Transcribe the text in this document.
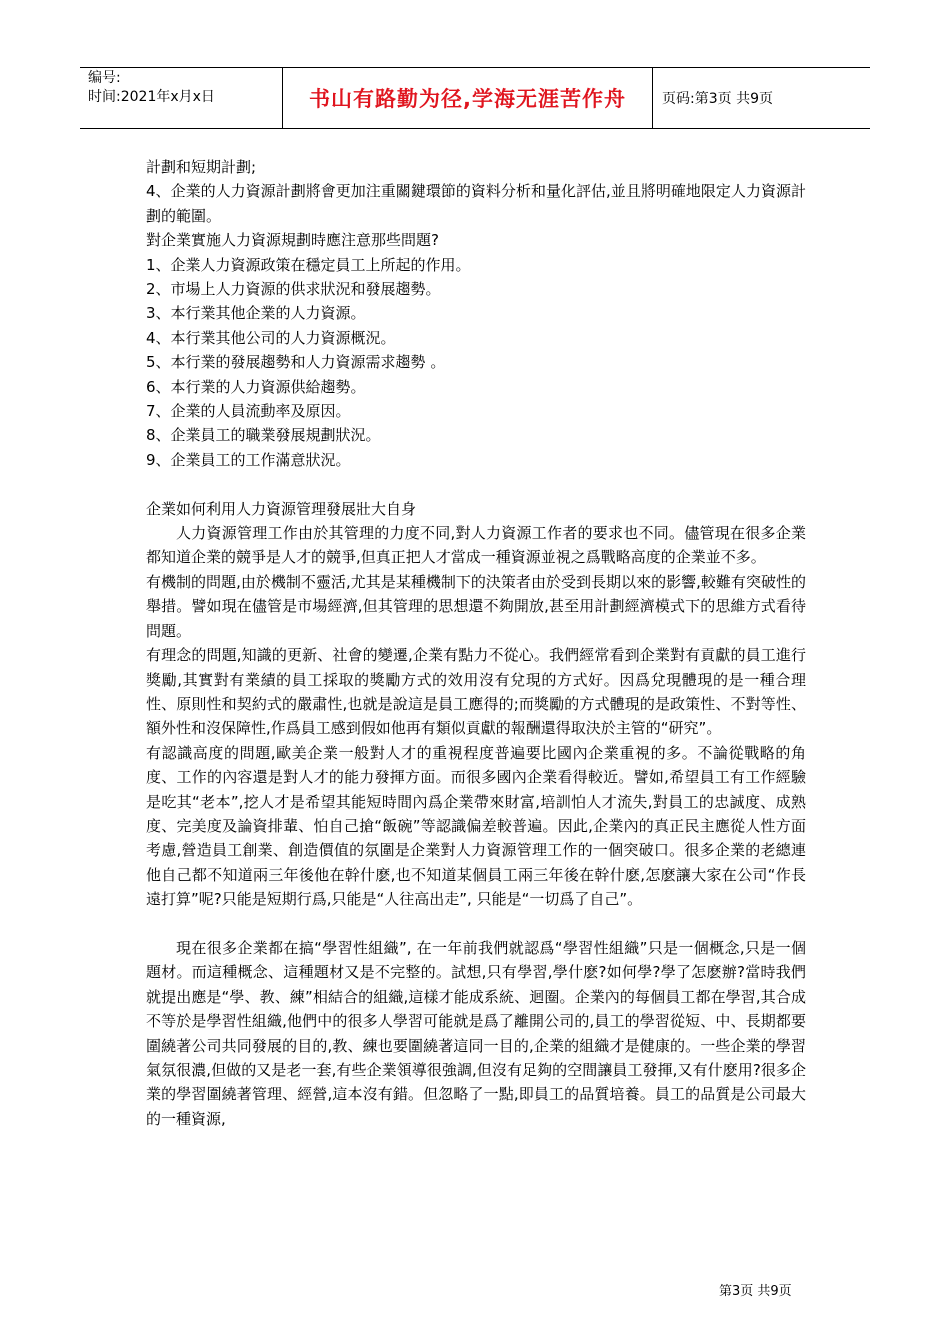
编号:
时间:2021年x月x日	书山有路勤为径,学海无涯苦作舟	页码:第3页 共9页

計劃和短期計劃;

4、企業的人力資源計劃將會更加注重關鍵環節的資料分析和量化評估,並且將明確地限定人力資源計劃的範圍。

對企業實施人力資源規劃時應注意那些問題?

1、企業人力資源政策在穩定員工上所起的作用。

2、市場上人力資源的供求狀況和發展趨勢。

3、本行業其他企業的人力資源。

4、本行業其他公司的人力資源概況。

5、本行業的發展趨勢和人力資源需求趨勢 。

6、本行業的人力資源供給趨勢。

7、企業的人員流動率及原因。

8、企業員工的職業發展規劃狀況。

9、企業員工的工作滿意狀況。

企業如何利用人力資源管理發展壯大自身

人力資源管理工作由於其管理的力度不同,對人力資源工作者的要求也不同。儘管現在很多企業都知道企業的競爭是人才的競爭,但真正把人才當成一種資源並視之爲戰略高度的企業並不多。

有機制的問題,由於機制不靈活,尤其是某種機制下的決策者由於受到長期以來的影響,較難有突破性的舉措。譬如現在儘管是市場經濟,但其管理的思想還不夠開放,甚至用計劃經濟模式下的思維方式看待問題。

有理念的問題,知識的更新、社會的變遷,企業有點力不從心。我們經常看到企業對有貢獻的員工進行獎勵,其實對有業績的員工採取的獎勵方式的效用沒有兌現的方式好。因爲兌現體現的是一種合理性、原則性和契約式的嚴肅性,也就是說這是員工應得的;而獎勵的方式體現的是政策性、不對等性、額外性和沒保障性,作爲員工感到假如他再有類似貢獻的報酬還得取決於主管的“研究”。

有認識高度的問題,歐美企業一般對人才的重視程度普遍要比國內企業重視的多。不論從戰略的角度、工作的內容還是對人才的能力發揮方面。而很多國內企業看得較近。譬如,希望員工有工作經驗是吃其“老本”,挖人才是希望其能短時間內爲企業帶來財富,培訓怕人才流失,對員工的忠誠度、成熟度、完美度及論資排輩、怕自己搶“飯碗”等認識偏差較普遍。因此,企業內的真正民主應從人性方面考慮,營造員工創業、創造價值的氛圍是企業對人力資源管理工作的一個突破口。很多企業的老總連他自己都不知道兩三年後他在幹什麽,也不知道某個員工兩三年後在幹什麽,怎麽讓大家在公司“作長遠打算”呢?只能是短期行爲,只能是“人往高出走”, 只能是“一切爲了自己”。

現在很多企業都在搞“學習性組織”, 在一年前我們就認爲“學習性組織”只是一個概念,只是一個題材。而這種概念、這種題材又是不完整的。試想,只有學習,學什麽?如何學?學了怎麽辦?當時我們就提出應是“學、教、練”相結合的組織,這樣才能成系統、迴圈。企業內的每個員工都在學習,其合成不等於是學習性組織,他們中的很多人學習可能就是爲了離開公司的,員工的學習從短、中、長期都要圍繞著公司共同發展的目的,教、練也要圍繞著這同一目的,企業的組織才是健康的。一些企業的學習氣氛很濃,但做的又是老一套,有些企業領導很強調,但沒有足夠的空間讓員工發揮,又有什麽用?很多企業的學習圍繞著管理、經營,這本沒有錯。但忽略了一點,即員工的品質培養。員工的品質是公司最大的一種資源,

第3页 共9页
